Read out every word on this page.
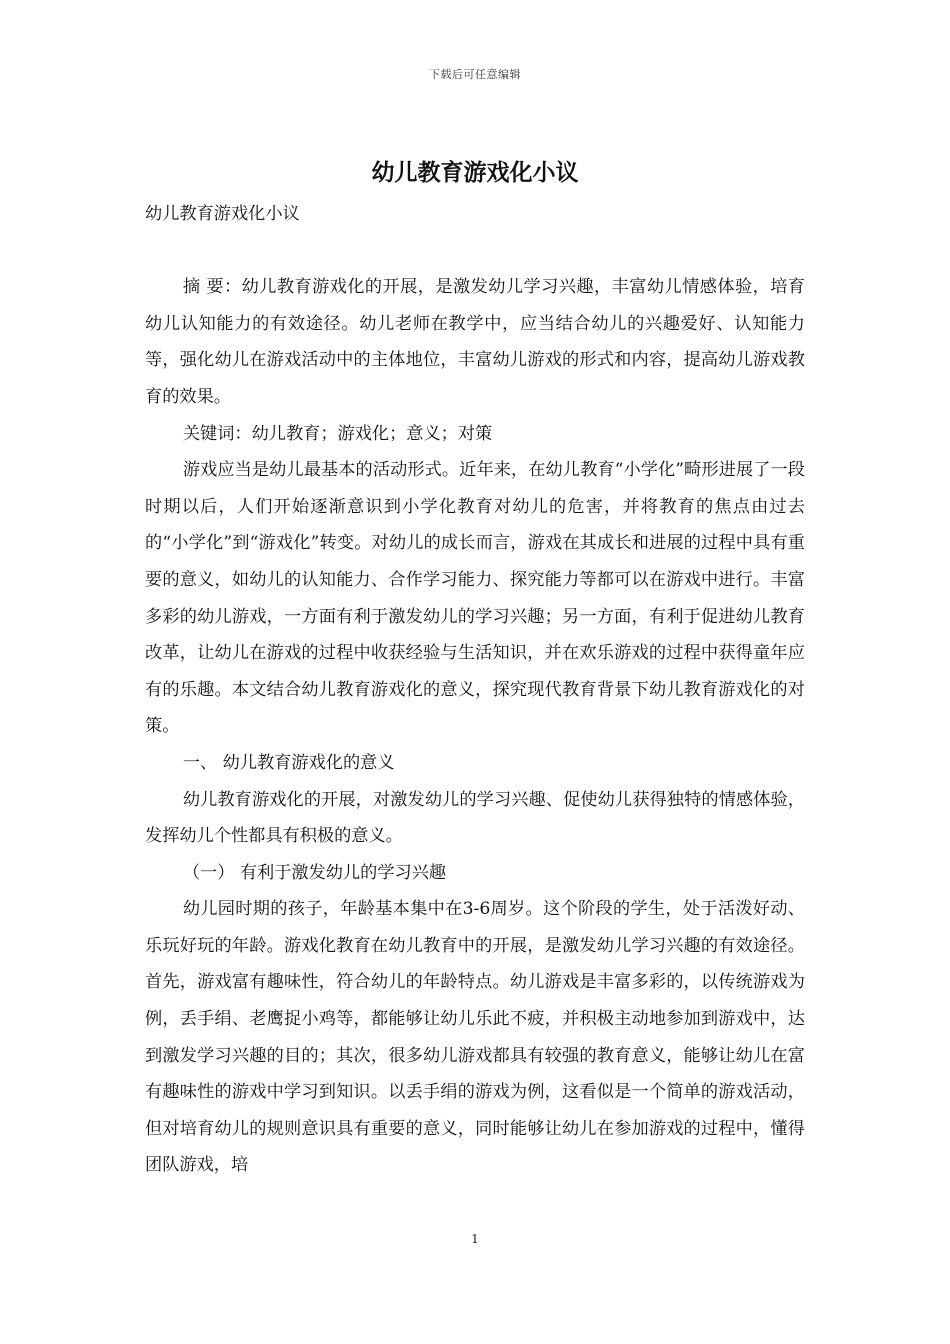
下载后可任意编辑
幼儿教育游戏化小议

幼儿教育游戏化小议

摘 要：幼儿教育游戏化的开展，是激发幼儿学习兴趣，丰富幼儿情感体验，培育幼儿认知能力的有效途径。幼儿老师在教学中，应当结合幼儿的兴趣爱好、认知能力等，强化幼儿在游戏活动中的主体地位，丰富幼儿游戏的形式和内容，提高幼儿游戏教育的效果。

关键词：幼儿教育；游戏化；意义；对策

游戏应当是幼儿最基本的活动形式。近年来，在幼儿教育“小学化”畸形进展了一段时期以后，人们开始逐渐意识到小学化教育对幼儿的危害，并将教育的焦点由过去的“小学化”到“游戏化”转变。对幼儿的成长而言，游戏在其成长和进展的过程中具有重要的意义，如幼儿的认知能力、合作学习能力、探究能力等都可以在游戏中进行。丰富多彩的幼儿游戏，一方面有利于激发幼儿的学习兴趣；另一方面，有利于促进幼儿教育改革，让幼儿在游戏的过程中收获经验与生活知识，并在欢乐游戏的过程中获得童年应有的乐趣。本文结合幼儿教育游戏化的意义，探究现代教育背景下幼儿教育游戏化的对策。

一、 幼儿教育游戏化的意义

幼儿教育游戏化的开展，对激发幼儿的学习兴趣、促使幼儿获得独特的情感体验，发挥幼儿个性都具有积极的意义。

（一） 有利于激发幼儿的学习兴趣

幼儿园时期的孩子，年龄基本集中在3-6周岁。这个阶段的学生，处于活泼好动、乐玩好玩的年龄。游戏化教育在幼儿教育中的开展，是激发幼儿学习兴趣的有效途径。首先，游戏富有趣味性，符合幼儿的年龄特点。幼儿游戏是丰富多彩的，以传统游戏为例，丢手绢、老鹰捉小鸡等，都能够让幼儿乐此不疲，并积极主动地参加到游戏中，达到激发学习兴趣的目的；其次，很多幼儿游戏都具有较强的教育意义，能够让幼儿在富有趣味性的游戏中学习到知识。以丢手绢的游戏为例，这看似是一个简单的游戏活动，但对培育幼儿的规则意识具有重要的意义，同时能够让幼儿在参加游戏的过程中，懂得团队游戏，培

1
